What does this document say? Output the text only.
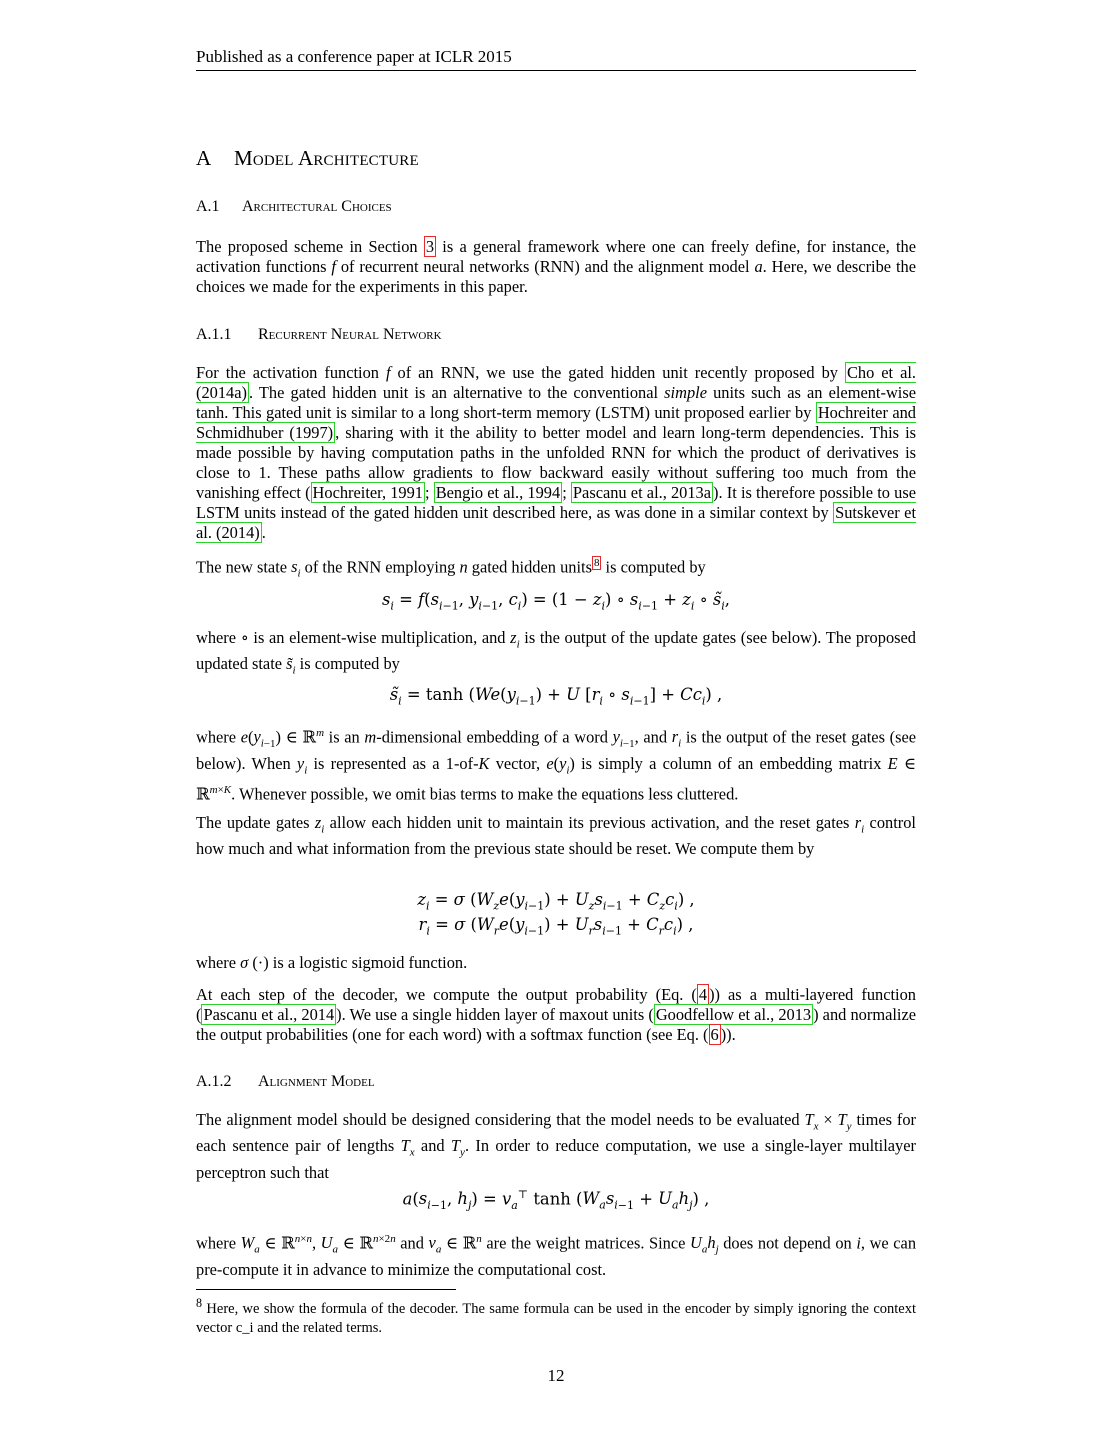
Published as a conference paper at ICLR 2015
A Model Architecture
A.1 Architectural Choices
The proposed scheme in Section 3 is a general framework where one can freely define, for instance, the activation functions f of recurrent neural networks (RNN) and the alignment model a. Here, we describe the choices we made for the experiments in this paper.
A.1.1 Recurrent Neural Network
For the activation function f of an RNN, we use the gated hidden unit recently proposed by Cho et al. (2014a) . The gated hidden unit is an alternative to the conventional simple units such as an element-wise tanh. This gated unit is similar to a long short-term memory (LSTM) unit proposed earlier by Hochreiter and Schmidhuber (1997) , sharing with it the ability to better model and learn long-term dependencies. This is made possible by having computation paths in the unfolded RNN for which the product of derivatives is close to 1. These paths allow gradients to flow backward easily without suffering too much from the vanishing effect ( Hochreiter, 1991 ; Bengio et al., 1994 ; Pascanu et al., 2013a ). It is therefore possible to use LSTM units instead of the gated hidden unit described here, as was done in a similar context by Sutskever et al. (2014) .
The new state $s_i$ of the RNN employing n gated hidden units $^8$ is computed by
$s_i = f(s_{i-1}$, $y_{i-1}$, $c_i) = (1 - z_i)$ ∘ $s_{i-1} + z_i$ ∘ $s̃_i$,
where ∘ is an element-wise multiplication, and $z_i$ is the output of the update gates (see below). The proposed updated state $s̃_i$ is computed by
$s̃_i = \tanh (We(y_{i-1}) + U$ [$r_i$ ∘ $s_{i-1}] + Cc_i$) ,
where $e(y_{i-1})$ ∈ ℝ$^m$ is an m-dimensional embedding of a word $y_{i-1}$, and $r_i$ is the output of the reset gates (see below). When $y_i$ is represented as a 1-of-K vector, $e(y_i)$ is simply a column of an embedding matrix E ∈ ℝ$^{m\times K}$. Whenever possible, we omit bias terms to make the equations less cluttered.
The update gates $z_i$ allow each hidden unit to maintain its previous activation, and the reset gates $r_i$ control how much and what information from the previous state should be reset. We compute them by
$z_i = \sigma$ $(W_ze(y_{i-1}) + U_zs_{i-1} + C_zc_i)$ ,
$r_i = \sigma$ $(W_re(y_{i-1}) + U_rs_{i-1} + C_rc_i)$ ,
where σ (·) is a logistic sigmoid function.
At each step of the decoder, we compute the output probability (Eq. ( 4 )) as a multi-layered function ( Pascanu et al., 2014 ). We use a single hidden layer of maxout units ( Goodfellow et al., 2013 ) and normalize the output probabilities (one for each word) with a softmax function (see Eq. ( 6 )).
A.1.2 Alignment Model
The alignment model should be designed considering that the model needs to be evaluated $T_x \times T_y$ times for each sentence pair of lengths $T_x$ and $T_y$. In order to reduce computation, we use a single-layer multilayer perceptron such that
$a(s_{i-1}$, $h_j) = v_a^⊤$ $\tanh (W_as_{i-1} + U_ah_j)$ ,
where $W_a$ ∈ ℝ$^{n\times n}$, $U_a$ ∈ ℝ$^{n\times 2n}$ and $v_a$ ∈ ℝ$^n$ are the weight matrices. Since $U_ah_j$ does not depend on i, we can pre-compute it in advance to minimize the computational cost.
$^8$ Here, we show the formula of the decoder. The same formula can be used in the encoder by simply ignoring the context vector c_i and the related terms.
12
